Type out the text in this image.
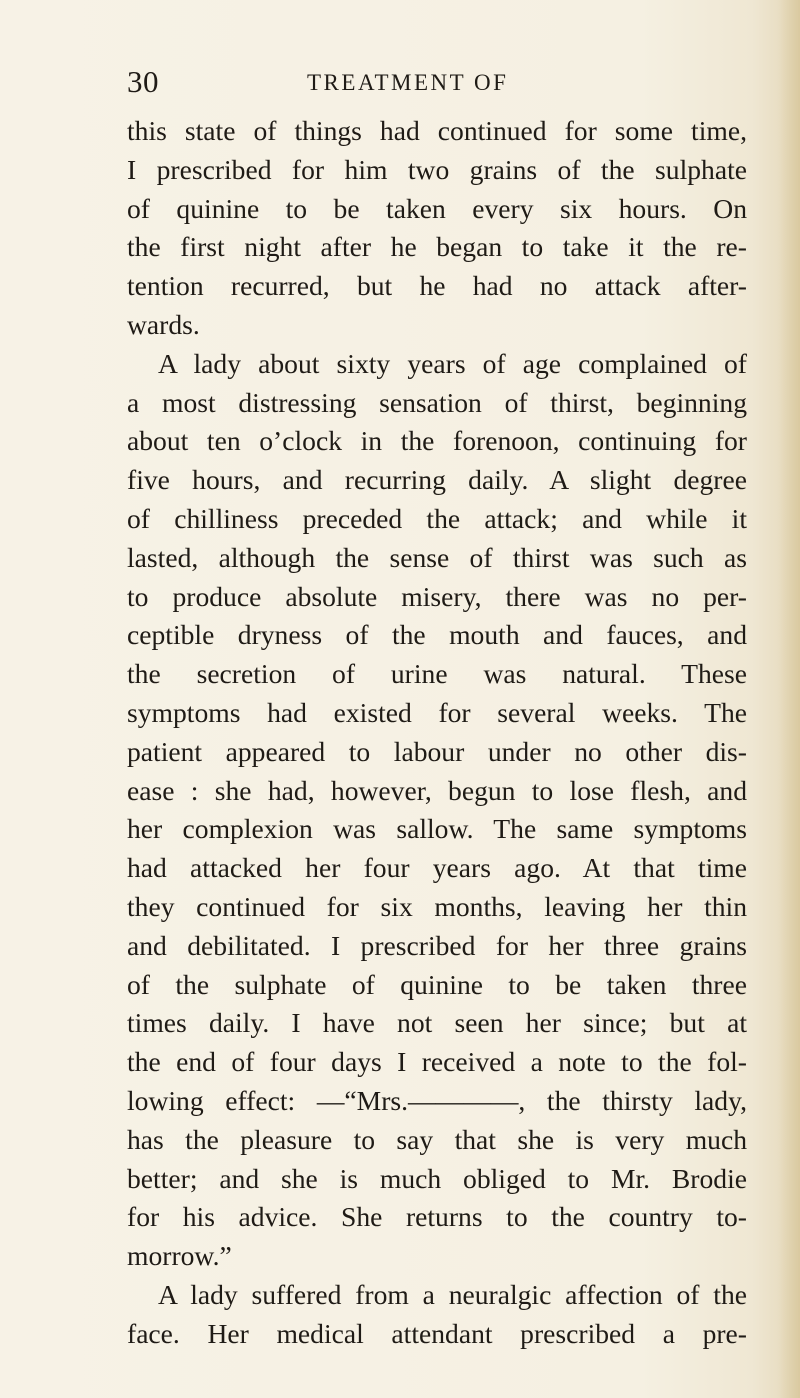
30	TREATMENT OF
this state of things had continued for some time,
I prescribed for him two grains of the sulphate
of quinine to be taken every six hours. On
the first night after he began to take it the re-
tention recurred, but he had no attack after-
wards.
A lady about sixty years of age complained of
a most distressing sensation of thirst, beginning
about ten o’clock in the forenoon, continuing for
five hours, and recurring daily. A slight degree
of chilliness preceded the attack; and while it
lasted, although the sense of thirst was such as
to produce absolute misery, there was no per-
ceptible dryness of the mouth and fauces, and
the secretion of urine was natural. These
symptoms had existed for several weeks. The
patient appeared to labour under no other dis-
ease : she had, however, begun to lose flesh, and
her complexion was sallow. The same symptoms
had attacked her four years ago. At that time
they continued for six months, leaving her thin
and debilitated. I prescribed for her three grains
of the sulphate of quinine to be taken three
times daily. I have not seen her since; but at
the end of four days I received a note to the fol-
lowing effect: —“Mrs.————, the thirsty lady,
has the pleasure to say that she is very much
better; and she is much obliged to Mr. Brodie
for his advice. She returns to the country to-
morrow.”
A lady suffered from a neuralgic affection of the
face. Her medical attendant prescribed a pre-
